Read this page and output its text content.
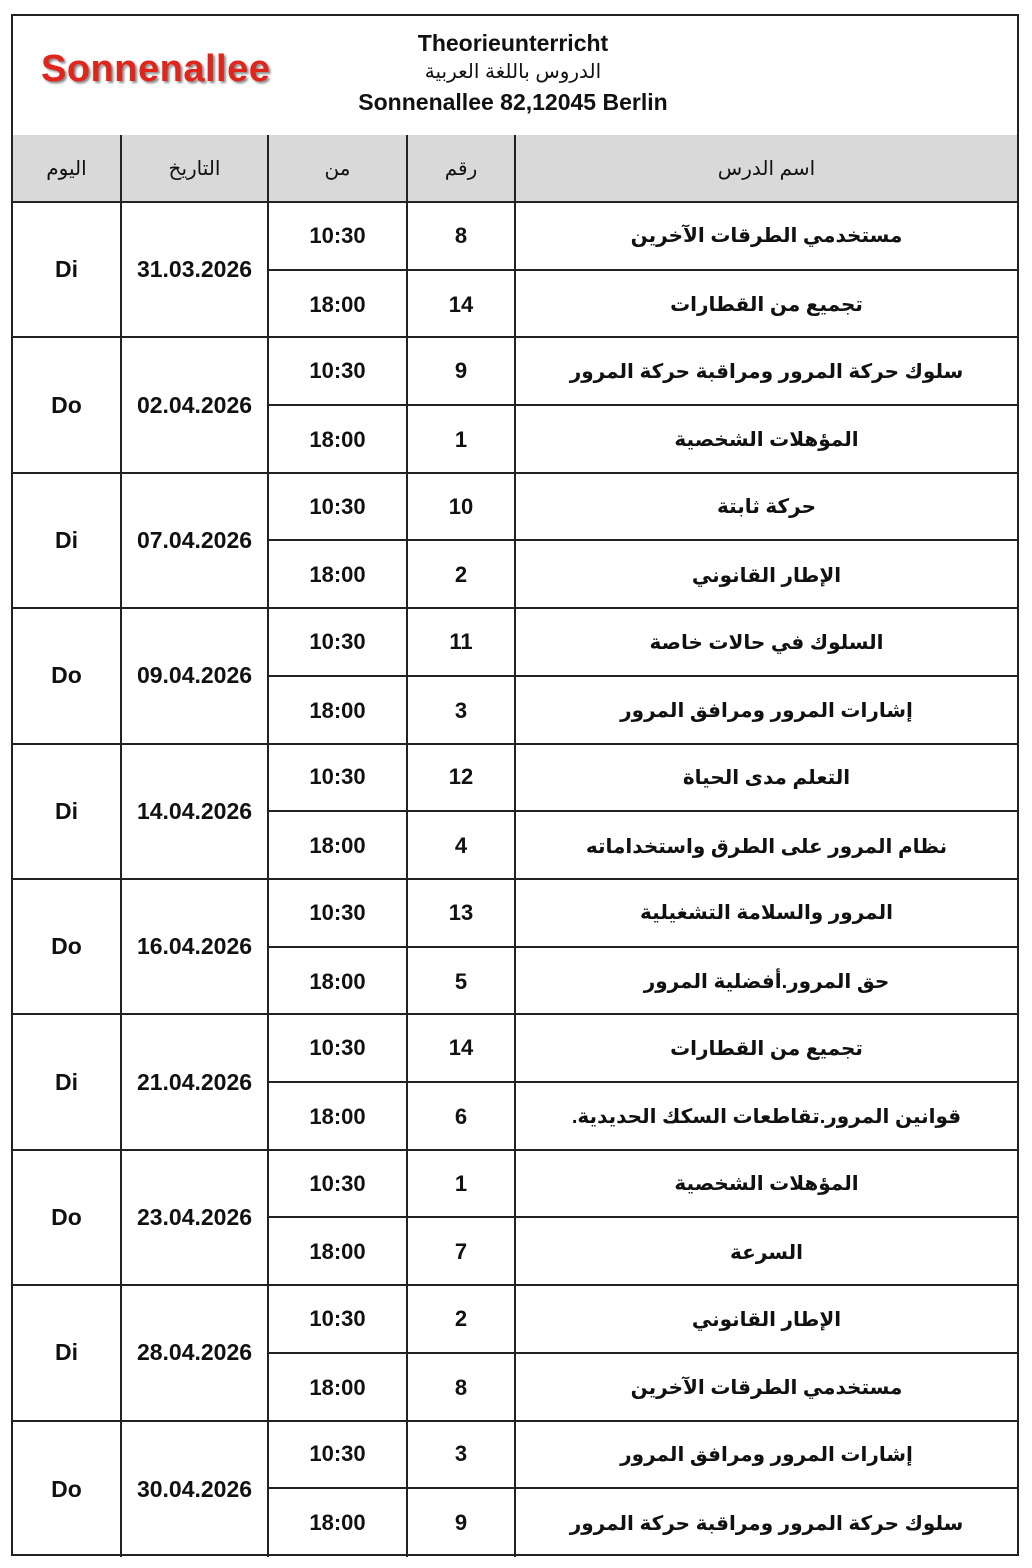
Sonnenallee
Theorieunterricht
الدروس باللغة العربية
Sonnenallee 82,12045 Berlin
اليوم	التاريخ	من	رقم	اسم الدرس
Di	31.03.2026
10:30	8	مستخدمي الطرقات الآخرين
18:00	14	تجميع من القطارات
Do	02.04.2026
10:30	9	سلوك حركة المرور ومراقبة حركة المرور
18:00	1	المؤهلات الشخصية
Di	07.04.2026
10:30	10	حركة ثابتة
18:00	2	الإطار القانوني
Do	09.04.2026
10:30	11	السلوك في حالات خاصة
18:00	3	إشارات المرور ومرافق المرور
Di	14.04.2026
10:30	12	التعلم مدى الحياة
18:00	4	نظام المرور على الطرق واستخداماته
Do	16.04.2026
10:30	13	المرور والسلامة التشغيلية
18:00	5	حق المرور.أفضلية المرور
Di	21.04.2026
10:30	14	تجميع من القطارات
18:00	6	قوانين المرور.تقاطعات السكك الحديدية.
Do	23.04.2026
10:30	1	المؤهلات الشخصية
18:00	7	السرعة
Di	28.04.2026
10:30	2	الإطار القانوني
18:00	8	مستخدمي الطرقات الآخرين
Do	30.04.2026
10:30	3	إشارات المرور ومرافق المرور
18:00	9	سلوك حركة المرور ومراقبة حركة المرور
